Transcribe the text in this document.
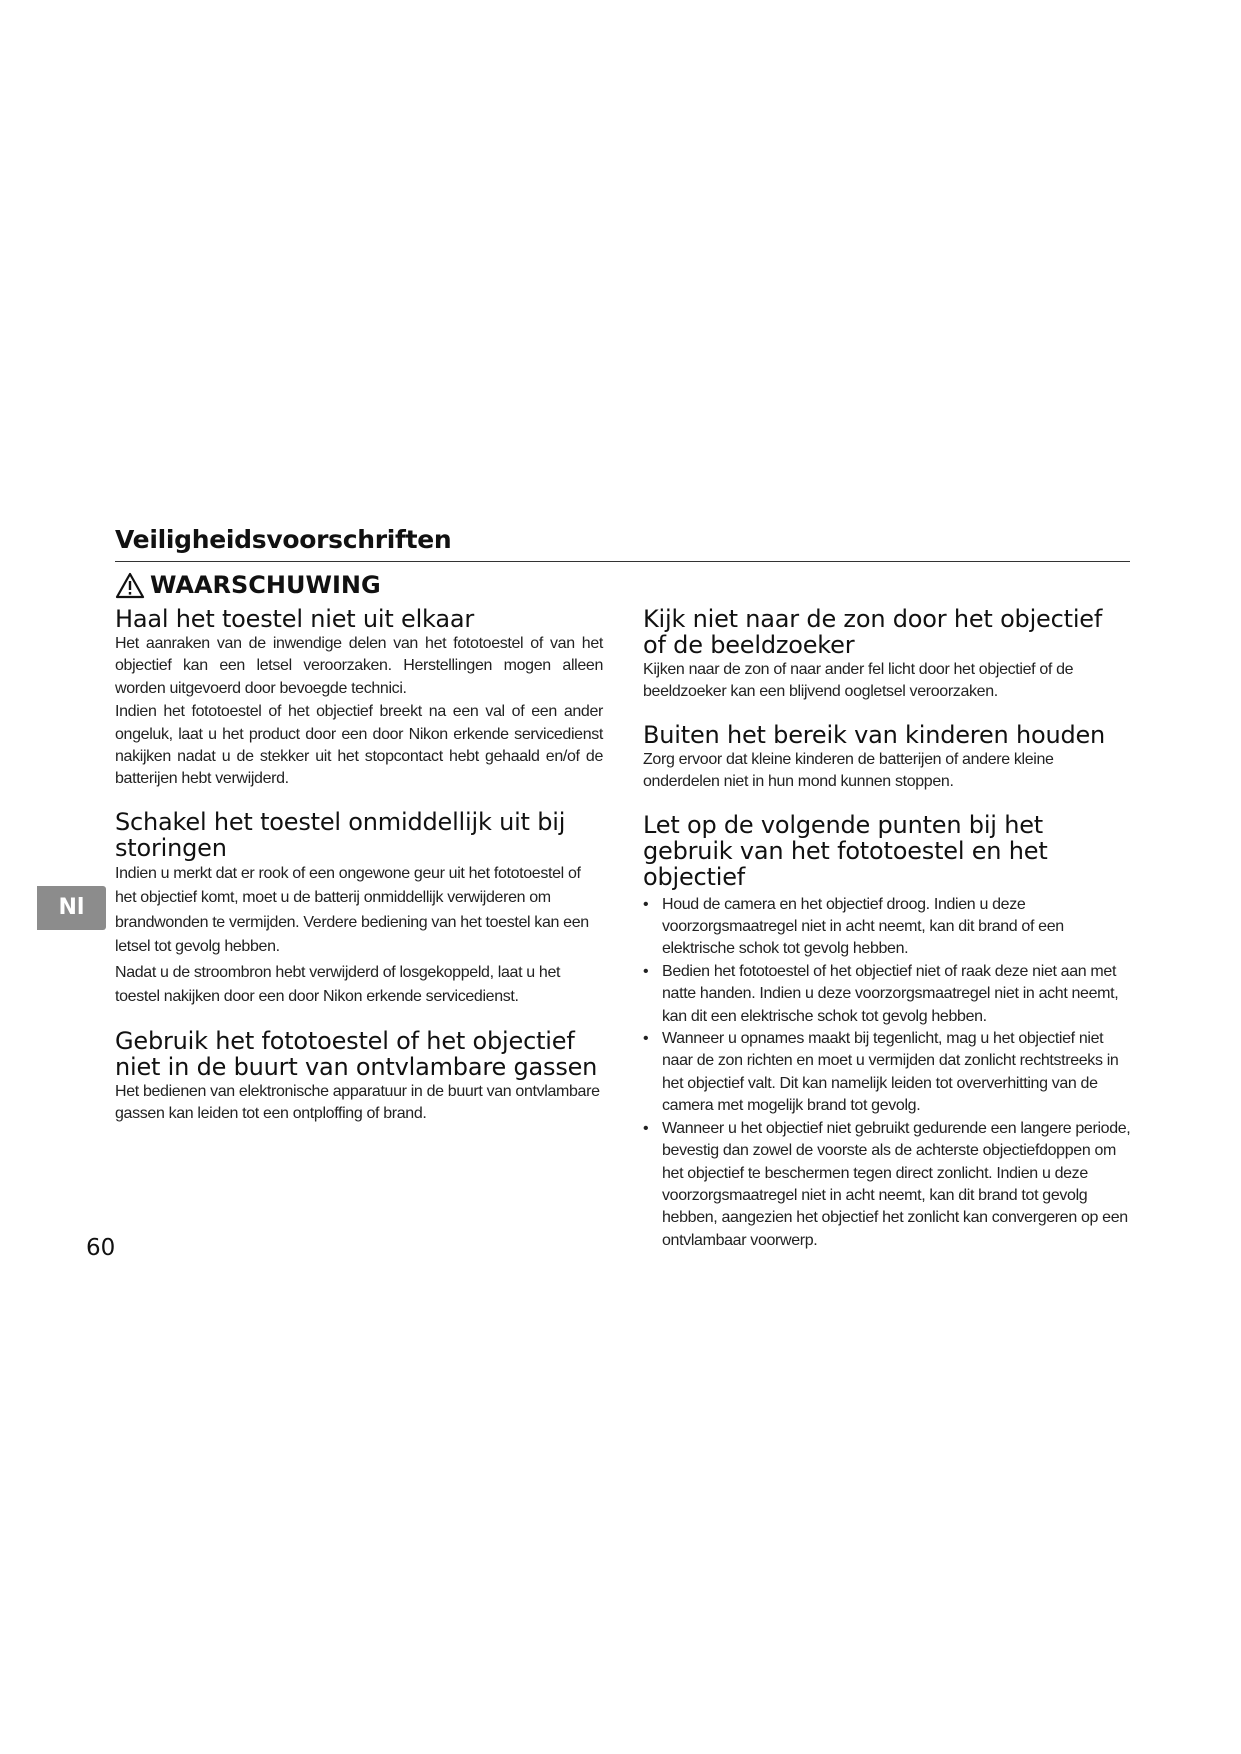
Veiligheidsvoorschriften
WAARSCHUWING
Haal het toestel niet uit elkaar

Het aanraken van de inwendige delen van het fototoestel of van het objectief kan een letsel veroorzaken. Herstellingen mogen alleen worden uitgevoerd door bevoegde technici.

Indien het fototoestel of het objectief breekt na een val of een ander ongeluk, laat u het product door een door Nikon erkende servicedienst nakijken nadat u de stekker uit het stopcontact hebt gehaald en/of de batterijen hebt verwijderd.

Schakel het toestel onmiddellijk uit bij storingen

Indien u merkt dat er rook of een ongewone geur uit het fototoestel of het objectief komt, moet u de batterij onmiddellijk verwijderen om brandwonden te vermijden. Verdere bediening van het toestel kan een letsel tot gevolg hebben.

Nadat u de stroombron hebt verwijderd of losgekoppeld, laat u het toestel nakijken door een door Nikon erkende servicedienst.

Gebruik het fototoestel of het objectief niet in de buurt van ontvlambare gassen

Het bedienen van elektronische apparatuur in de buurt van ontvlambare gassen kan leiden tot een ontploffing of brand.

Kijk niet naar de zon door het objectief of de beeldzoeker

Kijken naar de zon of naar ander fel licht door het objectief of de beeldzoeker kan een blijvend oogletsel veroorzaken.

Buiten het bereik van kinderen houden

Zorg ervoor dat kleine kinderen de batterijen of andere kleine onderdelen niet in hun mond kunnen stoppen.

Let op de volgende punten bij het gebruik van het fototoestel en het objectief
• Houd de camera en het objectief droog. Indien u deze voorzorgsmaatregel niet in acht neemt, kan dit brand of een elektrische schok tot gevolg hebben.
• Bedien het fototoestel of het objectief niet of raak deze niet aan met natte handen. Indien u deze voorzorgsmaatregel niet in acht neemt, kan dit een elektrische schok tot gevolg hebben.
• Wanneer u opnames maakt bij tegenlicht, mag u het objectief niet naar de zon richten en moet u vermijden dat zonlicht rechtstreeks in het objectief valt. Dit kan namelijk leiden tot oververhitting van de camera met mogelijk brand tot gevolg.
• Wanneer u het objectief niet gebruikt gedurende een langere periode, bevestig dan zowel de voorste als de achterste objectiefdoppen om het objectief te beschermen tegen direct zonlicht. Indien u deze voorzorgsmaatregel niet in acht neemt, kan dit brand tot gevolg hebben, aangezien het objectief het zonlicht kan convergeren op een ontvlambaar voorwerp.
Nl
60
